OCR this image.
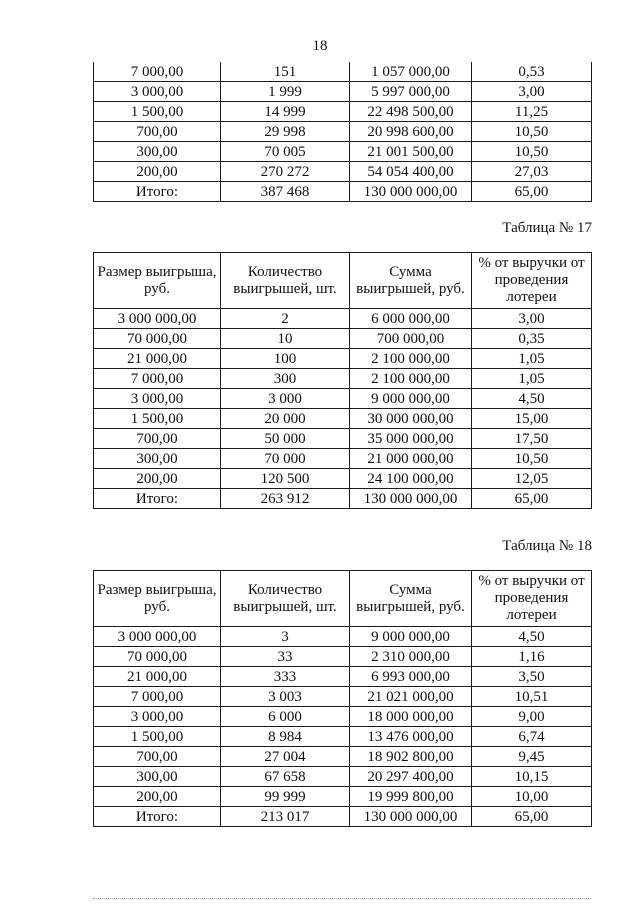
18
7 000,00	151	1 057 000,00	0,53
3 000,00	1 999	5 997 000,00	3,00
1 500,00	14 999	22 498 500,00	11,25
700,00	29 998	20 998 600,00	10,50
300,00	70 005	21 001 500,00	10,50
200,00	270 272	54 054 400,00	27,03
Итого:	387 468	130 000 000,00	65,00
Таблица № 17
Размер выигрыша, руб.	Количество выигрышей, шт.	Сумма выигрышей, руб.	% от выручки от проведения лотереи
3 000 000,00	2	6 000 000,00	3,00
70 000,00	10	700 000,00	0,35
21 000,00	100	2 100 000,00	1,05
7 000,00	300	2 100 000,00	1,05
3 000,00	3 000	9 000 000,00	4,50
1 500,00	20 000	30 000 000,00	15,00
700,00	50 000	35 000 000,00	17,50
300,00	70 000	21 000 000,00	10,50
200,00	120 500	24 100 000,00	12,05
Итого:	263 912	130 000 000,00	65,00
Таблица № 18
Размер выигрыша, руб.	Количество выигрышей, шт.	Сумма выигрышей, руб.	% от выручки от проведения лотереи
3 000 000,00	3	9 000 000,00	4,50
70 000,00	33	2 310 000,00	1,16
21 000,00	333	6 993 000,00	3,50
7 000,00	3 003	21 021 000,00	10,51
3 000,00	6 000	18 000 000,00	9,00
1 500,00	8 984	13 476 000,00	6,74
700,00	27 004	18 902 800,00	9,45
300,00	67 658	20 297 400,00	10,15
200,00	99 999	19 999 800,00	10,00
Итого:	213 017	130 000 000,00	65,00
